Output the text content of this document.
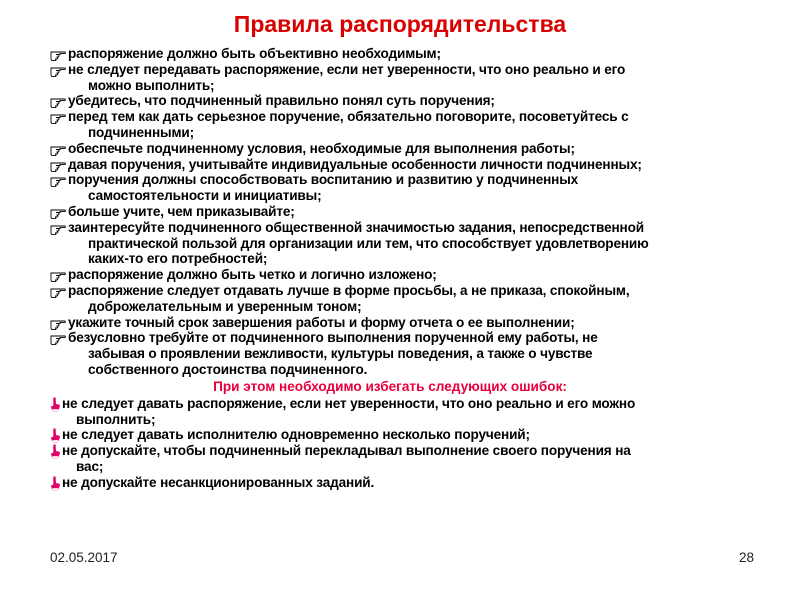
Правила распорядительства
распоряжение должно быть объективно необходимым;
не следует передавать распоряжение, если нет уверенности, что оно реально и его
можно выполнить;
убедитесь, что подчиненный правильно понял суть поручения;
перед тем как дать серьезное поручение, обязательно поговорите, посоветуйтесь с
подчиненными;
обеспечьте подчиненному условия, необходимые для выполнения работы;
давая поручения, учитывайте индивидуальные особенности личности подчиненных;
поручения должны способствовать воспитанию и развитию у подчиненных
самостоятельности и инициативы;
больше учите, чем приказывайте;
заинтересуйте подчиненного общественной значимостью задания, непосредственной
практической пользой для организации или тем, что способствует удовлетворению
каких-то его потребностей;
распоряжение должно быть четко и логично изложено;
распоряжение следует отдавать лучше в форме просьбы, а не приказа, спокойным,
доброжелательным и уверенным тоном;
укажите точный срок завершения работы и форму отчета о ее выполнении;
безусловно требуйте от подчиненного выполнения порученной ему работы, не
забывая о проявлении вежливости, культуры поведения, а также о чувстве
собственного достоинства подчиненного.
При этом необходимо избегать следующих ошибок:
не следует давать распоряжение, если нет уверенности, что оно реально и его можно
выполнить;
не следует давать исполнителю одновременно несколько поручений;
не допускайте, чтобы подчиненный перекладывал выполнение своего поручения на
вас;
не допускайте несанкционированных заданий.
02.05.2017	28
